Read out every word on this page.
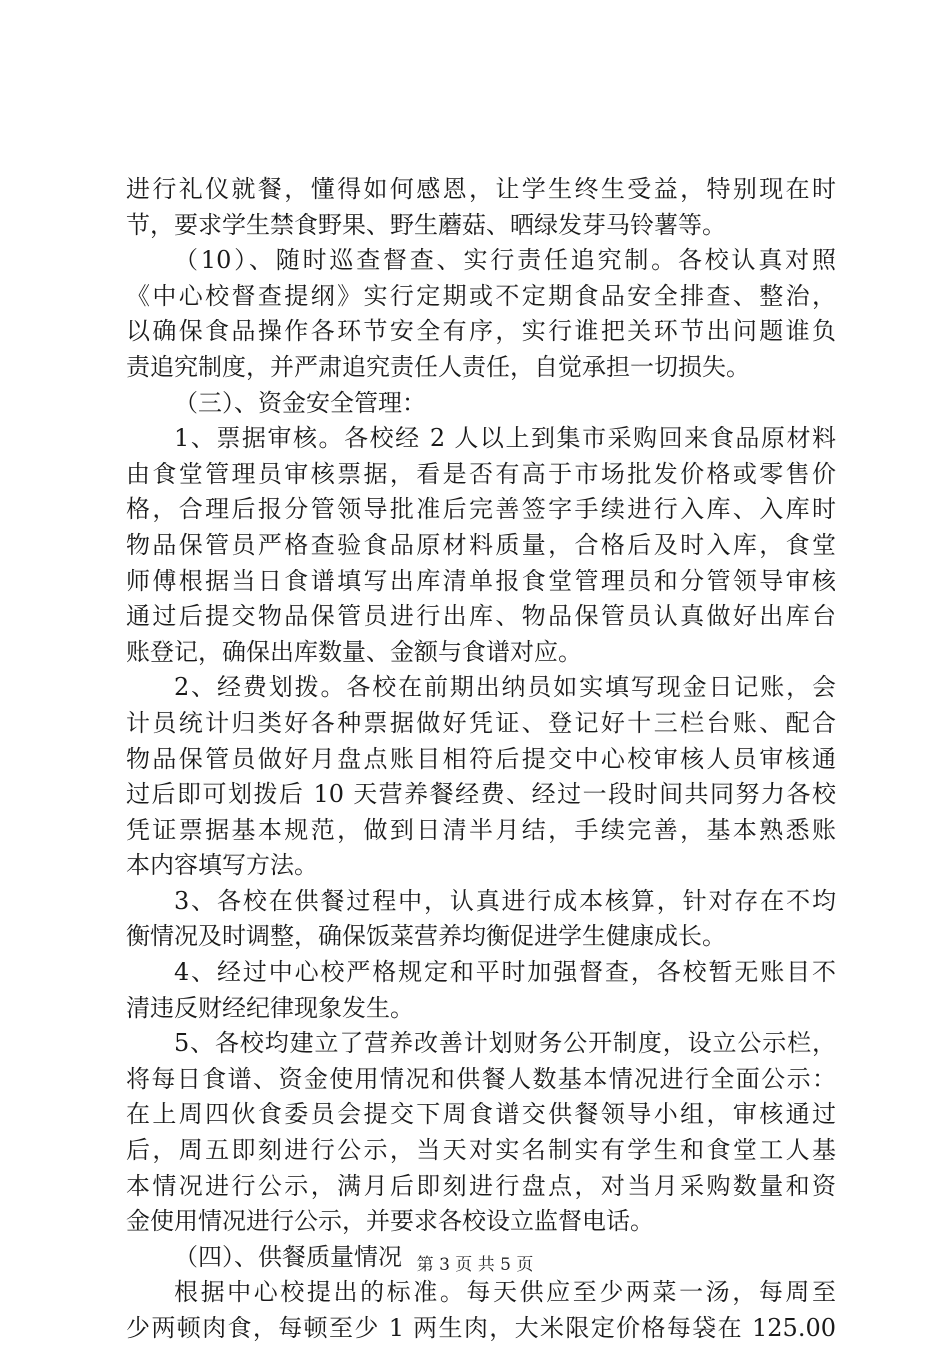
进行礼仪就餐，懂得如何感恩，让学生终生受益，特别现在时
节，要求学生禁食野果、野生蘑菇、晒绿发芽马铃薯等。
（10）、随时巡查督查、实行责任追究制。各校认真对照
《中心校督查提纲》实行定期或不定期食品安全排查、整治，
以确保食品操作各环节安全有序，实行谁把关环节出问题谁负
责追究制度，并严肃追究责任人责任，自觉承担一切损失。
（三）、资金安全管理：
1、票据审核。各校经 2 人以上到集市采购回来食品原材料
由食堂管理员审核票据，看是否有高于市场批发价格或零售价
格，合理后报分管领导批准后完善签字手续进行入库、入库时
物品保管员严格查验食品原材料质量，合格后及时入库，食堂
师傅根据当日食谱填写出库清单报食堂管理员和分管领导审核
通过后提交物品保管员进行出库、物品保管员认真做好出库台
账登记，确保出库数量、金额与食谱对应。
2、经费划拨。各校在前期出纳员如实填写现金日记账，会
计员统计归类好各种票据做好凭证、登记好十三栏台账、配合
物品保管员做好月盘点账目相符后提交中心校审核人员审核通
过后即可划拨后 10 天营养餐经费、经过一段时间共同努力各校
凭证票据基本规范，做到日清半月结，手续完善，基本熟悉账
本内容填写方法。
3、各校在供餐过程中，认真进行成本核算，针对存在不均
衡情况及时调整，确保饭菜营养均衡促进学生健康成长。
4、经过中心校严格规定和平时加强督查，各校暂无账目不
清违反财经纪律现象发生。
5、各校均建立了营养改善计划财务公开制度，设立公示栏，
将每日食谱、资金使用情况和供餐人数基本情况进行全面公示：
在上周四伙食委员会提交下周食谱交供餐领导小组，审核通过
后，周五即刻进行公示，当天对实名制实有学生和食堂工人基
本情况进行公示，满月后即刻进行盘点，对当月采购数量和资
金使用情况进行公示，并要求各校设立监督电话。
（四）、供餐质量情况
根据中心校提出的标准。每天供应至少两菜一汤，每周至
少两顿肉食，每顿至少 1 两生肉，大米限定价格每袋在 125.00
第 3 页 共 5 页
